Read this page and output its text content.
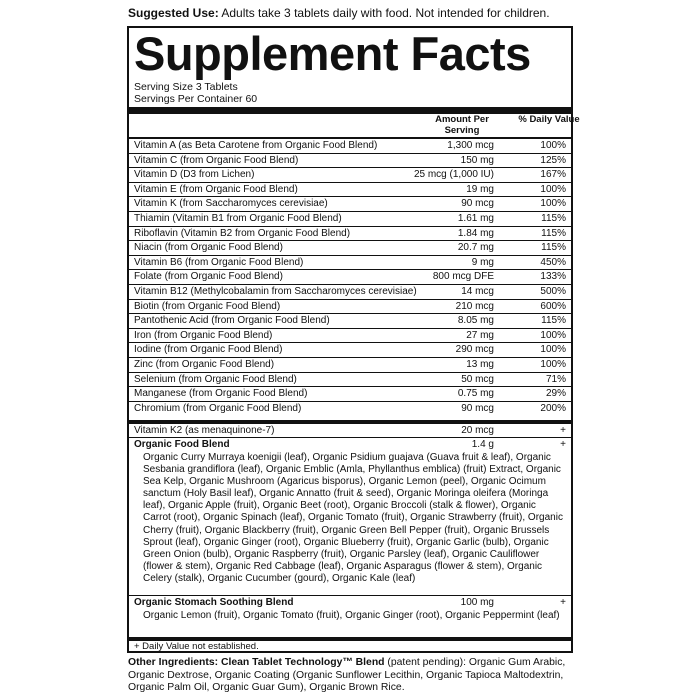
Suggested Use: Adults take 3 tablets daily with food. Not intended for children.
Supplement Facts
Serving Size 3 Tablets
Servings Per Container 60
Amount Per Serving
% Daily Value
Vitamin A (as Beta Carotene from Organic Food Blend)	1,300 mcg	100%
Vitamin C (from Organic Food Blend)	150 mg	125%
Vitamin D (D3 from Lichen)	25 mcg (1,000 IU)	167%
Vitamin E (from Organic Food Blend)	19 mg	100%
Vitamin K (from Saccharomyces cerevisiae)	90 mcg	100%
Thiamin (Vitamin B1 from Organic Food Blend)	1.61 mg	115%
Riboflavin (Vitamin B2 from Organic Food Blend)	1.84 mg	115%
Niacin (from Organic Food Blend)	20.7 mg	115%
Vitamin B6 (from Organic Food Blend)	9 mg	450%
Folate (from Organic Food Blend)	800 mcg DFE	133%
Vitamin B12 (Methylcobalamin from Saccharomyces cerevisiae)	14 mcg	500%
Biotin (from Organic Food Blend)	210 mcg	600%
Pantothenic Acid (from Organic Food Blend)	8.05 mg	115%
Iron (from Organic Food Blend)	27 mg	100%
Iodine (from Organic Food Blend)	290 mcg	100%
Zinc (from Organic Food Blend)	13 mg	100%
Selenium (from Organic Food Blend)	50 mcg	71%
Manganese (from Organic Food Blend)	0.75 mg	29%
Chromium (from Organic Food Blend)	90 mcg	200%
Vitamin K2 (as menaquinone-7)	20 mcg	+
Organic Food Blend	1.4 g	+
Organic Curry Murraya koenigii (leaf), Organic Psidium guajava (Guava fruit & leaf), Organic Sesbania grandiflora (leaf), Organic Emblic (Amla, Phyllanthus emblica) (fruit) Extract, Organic Sea Kelp, Organic Mushroom (Agaricus bisporus), Organic Lemon (peel), Organic Ocimum sanctum (Holy Basil leaf), Organic Annatto (fruit & seed), Organic Moringa oleifera (Moringa leaf), Organic Apple (fruit), Organic Beet (root), Organic Broccoli (stalk & flower), Organic Carrot (root), Organic Spinach (leaf), Organic Tomato (fruit), Organic Strawberry (fruit), Organic Cherry (fruit), Organic Blackberry (fruit), Organic Green Bell Pepper (fruit), Organic Brussels Sprout (leaf), Organic Ginger (root), Organic Blueberry (fruit), Organic Garlic (bulb), Organic Green Onion (bulb), Organic Raspberry (fruit), Organic Parsley (leaf), Organic Cauliflower (flower & stem), Organic Red Cabbage (leaf), Organic Asparagus (flower & stem), Organic Celery (stalk), Organic Cucumber (gourd), Organic Kale (leaf)
Organic Stomach Soothing Blend	100 mg	+
Organic Lemon (fruit), Organic Tomato (fruit), Organic Ginger (root), Organic Peppermint (leaf)
+ Daily Value not established.
Other Ingredients: Clean Tablet Technology™ Blend (patent pending): Organic Gum Arabic, Organic Dextrose, Organic Coating (Organic Sunflower Lecithin, Organic Tapioca Maltodextrin, Organic Palm Oil, Organic Guar Gum), Organic Brown Rice.
